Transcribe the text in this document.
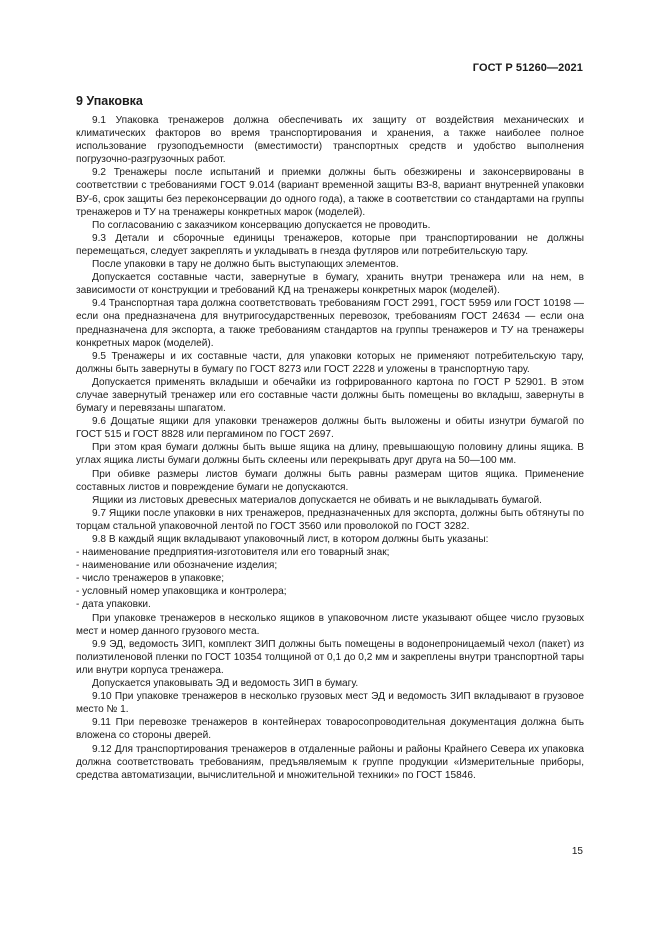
ГОСТ Р 51260—2021
9 Упаковка

9.1 Упаковка тренажеров должна обеспечивать их защиту от воздействия механических и климатических факторов во время транспортирования и хранения, а также наиболее полное использование грузоподъемности (вместимости) транспортных средств и удобство выполнения погрузочно-разгрузочных работ.

9.2 Тренажеры после испытаний и приемки должны быть обезжирены и законсервированы в соответствии с требованиями ГОСТ 9.014 (вариант временной защиты ВЗ-8, вариант внутренней упаковки ВУ-6, срок защиты без переконсервации до одного года), а также в соответствии со стандартами на группы тренажеров и ТУ на тренажеры конкретных марок (моделей).

По согласованию с заказчиком консервацию допускается не проводить.

9.3 Детали и сборочные единицы тренажеров, которые при транспортировании не должны перемещаться, следует закреплять и укладывать в гнезда футляров или потребительскую тару.

После упаковки в тару не должно быть выступающих элементов.

Допускается составные части, завернутые в бумагу, хранить внутри тренажера или на нем, в зависимости от конструкции и требований КД на тренажеры конкретных марок (моделей).

9.4 Транспортная тара должна соответствовать требованиям ГОСТ 2991, ГОСТ 5959 или ГОСТ 10198 — если она предназначена для внутригосударственных перевозок, требованиям ГОСТ 24634 — если она предназначена для экспорта, а также требованиям стандартов на группы тренажеров и ТУ на тренажеры конкретных марок (моделей).

9.5 Тренажеры и их составные части, для упаковки которых не применяют потребительскую тару, должны быть завернуты в бумагу по ГОСТ 8273 или ГОСТ 2228 и уложены в транспортную тару.

Допускается применять вкладыши и обечайки из гофрированного картона по ГОСТ Р 52901. В этом случае завернутый тренажер или его составные части должны быть помещены во вкладыш, завернуты в бумагу и перевязаны шпагатом.

9.6 Дощатые ящики для упаковки тренажеров должны быть выложены и обиты изнутри бумагой по ГОСТ 515 и ГОСТ 8828 или пергамином по ГОСТ 2697.

При этом края бумаги должны быть выше ящика на длину, превышающую половину длины ящика. В углах ящика листы бумаги должны быть склеены или перекрывать друг друга на 50—100 мм.

При обивке размеры листов бумаги должны быть равны размерам щитов ящика. Применение составных листов и повреждение бумаги не допускаются.

Ящики из листовых древесных материалов допускается не обивать и не выкладывать бумагой.

9.7 Ящики после упаковки в них тренажеров, предназначенных для экспорта, должны быть обтянуты по торцам стальной упаковочной лентой по ГОСТ 3560 или проволокой по ГОСТ 3282.

9.8 В каждый ящик вкладывают упаковочный лист, в котором должны быть указаны:

- наименование предприятия-изготовителя или его товарный знак;

- наименование или обозначение изделия;

- число тренажеров в упаковке;

- условный номер упаковщика и контролера;

- дата упаковки.

При упаковке тренажеров в несколько ящиков в упаковочном листе указывают общее число грузовых мест и номер данного грузового места.

9.9 ЭД, ведомость ЗИП, комплект ЗИП должны быть помещены в водонепроницаемый чехол (пакет) из полиэтиленовой пленки по ГОСТ 10354 толщиной от 0,1 до 0,2 мм и закреплены внутри транспортной тары или внутри корпуса тренажера.

Допускается упаковывать ЭД и ведомость ЗИП в бумагу.

9.10 При упаковке тренажеров в несколько грузовых мест ЭД и ведомость ЗИП вкладывают в грузовое место № 1.

9.11 При перевозке тренажеров в контейнерах товаросопроводительная документация должна быть вложена со стороны дверей.

9.12 Для транспортирования тренажеров в отдаленные районы и районы Крайнего Севера их упаковка должна соответствовать требованиям, предъявляемым к группе продукции «Измерительные приборы, средства автоматизации, вычислительной и множительной техники» по ГОСТ 15846.

15
